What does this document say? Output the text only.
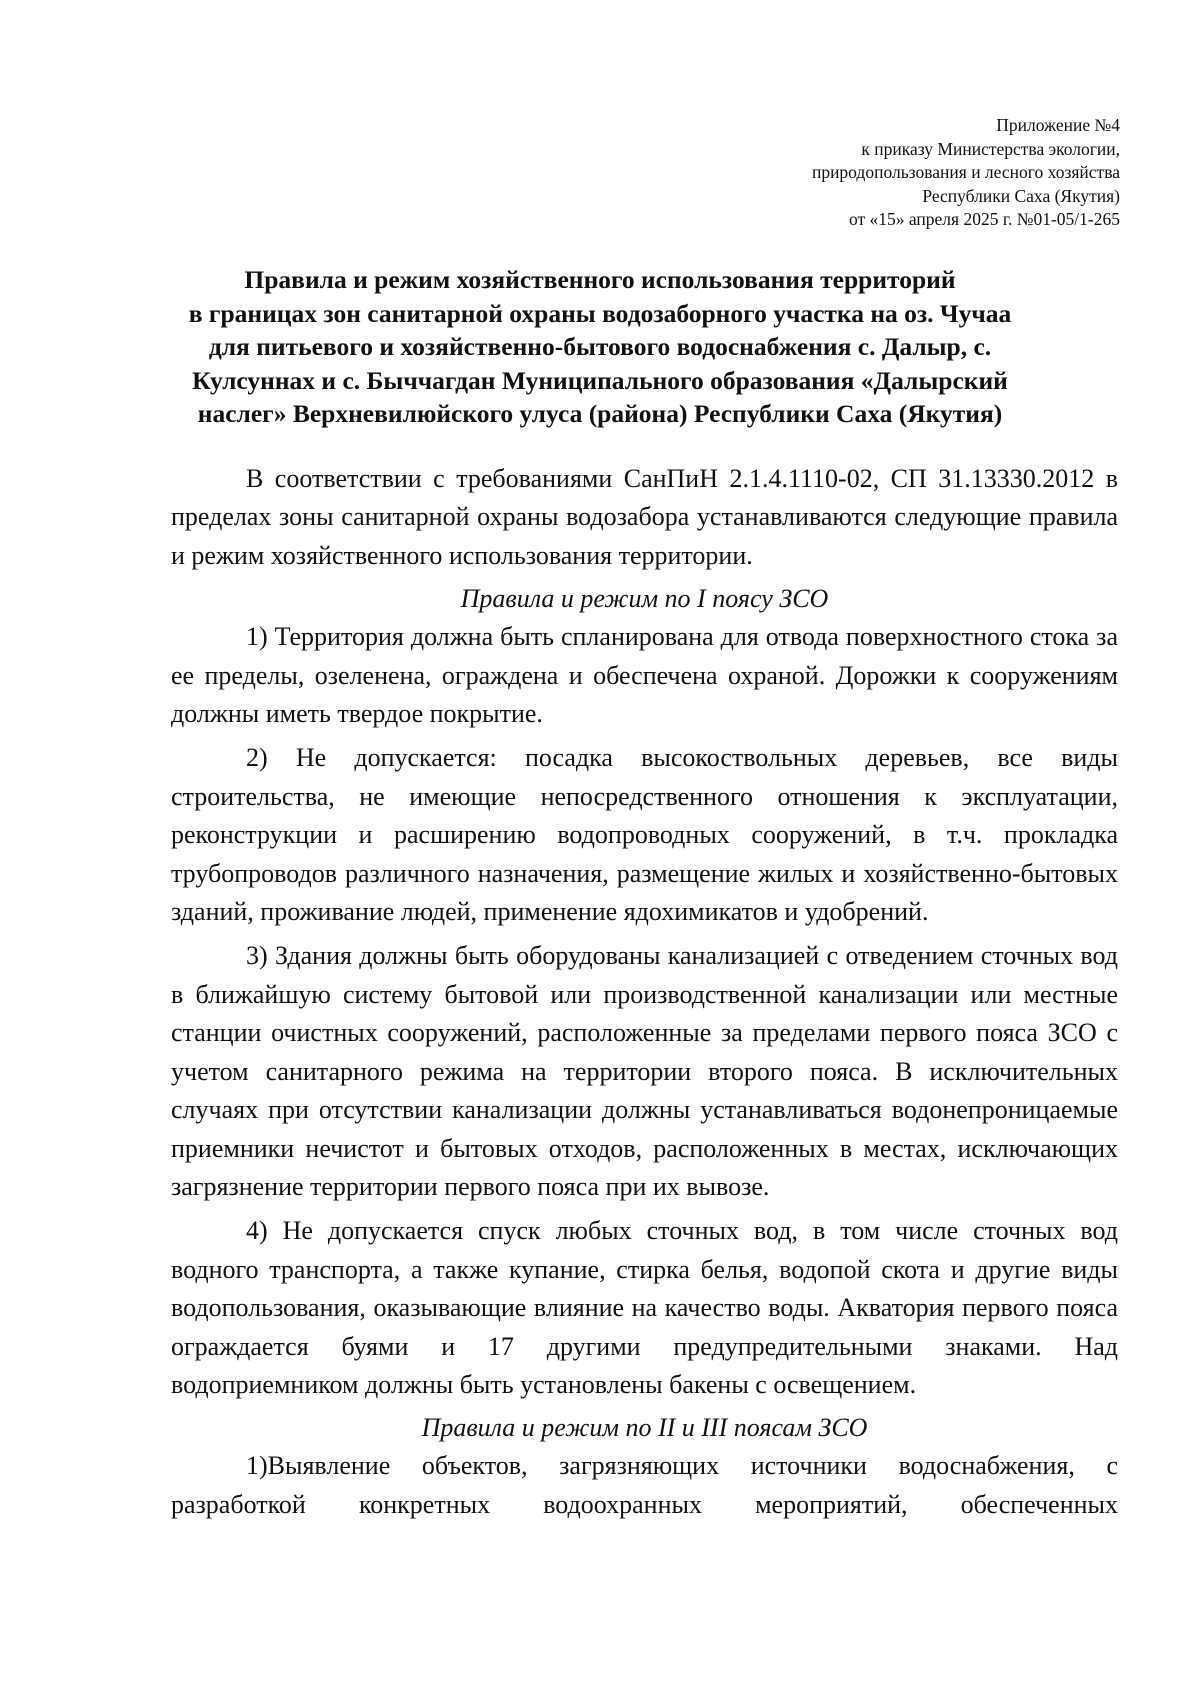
Приложение №4
к приказу Министерства экологии,
природопользования и лесного хозяйства
Республики Саха (Якутия)
от «15» апреля 2025 г. №01-05/1-265
Правила и режим хозяйственного использования территорий
в границах зон санитарной охраны водозаборного участка на оз. Чучаа
для питьевого и хозяйственно-бытового водоснабжения с. Далыр, с.
Кулсуннах и с. Быччагдан Муниципального образования «Далырский
наслег» Верхневилюйского улуса (района) Республики Саха (Якутия)

В соответствии с требованиями СанПиН 2.1.4.1110-02, СП 31.13330.2012 в пределах зоны санитарной охраны водозабора устанавливаются следующие правила и режим хозяйственного использования территории.

Правила и режим по I поясу ЗСО

1) Территория должна быть спланирована для отвода поверхностного стока за ее пределы, озеленена, ограждена и обеспечена охраной. Дорожки к сооружениям должны иметь твердое покрытие.

2) Не допускается: посадка высокоствольных деревьев, все виды строительства, не имеющие непосредственного отношения к эксплуатации, реконструкции и расширению водопроводных сооружений, в т.ч. прокладка трубопроводов различного назначения, размещение жилых и хозяйственно-бытовых зданий, проживание людей, применение ядохимикатов и удобрений.

3) Здания должны быть оборудованы канализацией с отведением сточных вод в ближайшую систему бытовой или производственной канализации или местные станции очистных сооружений, расположенные за пределами первого пояса ЗСО с учетом санитарного режима на территории второго пояса. В исключительных случаях при отсутствии канализации должны устанавливаться водонепроницаемые приемники нечистот и бытовых отходов, расположенных в местах, исключающих загрязнение территории первого пояса при их вывозе.

4) Не допускается спуск любых сточных вод, в том числе сточных вод водного транспорта, а также купание, стирка белья, водопой скота и другие виды водопользования, оказывающие влияние на качество воды. Акватория первого пояса ограждается буями и 17 другими предупредительными знаками. Над водоприемником должны быть установлены бакены с освещением.

Правила и режим по II и III поясам ЗСО

1)Выявление объектов, загрязняющих источники водоснабжения, с разработкой конкретных водоохранных мероприятий, обеспеченных
